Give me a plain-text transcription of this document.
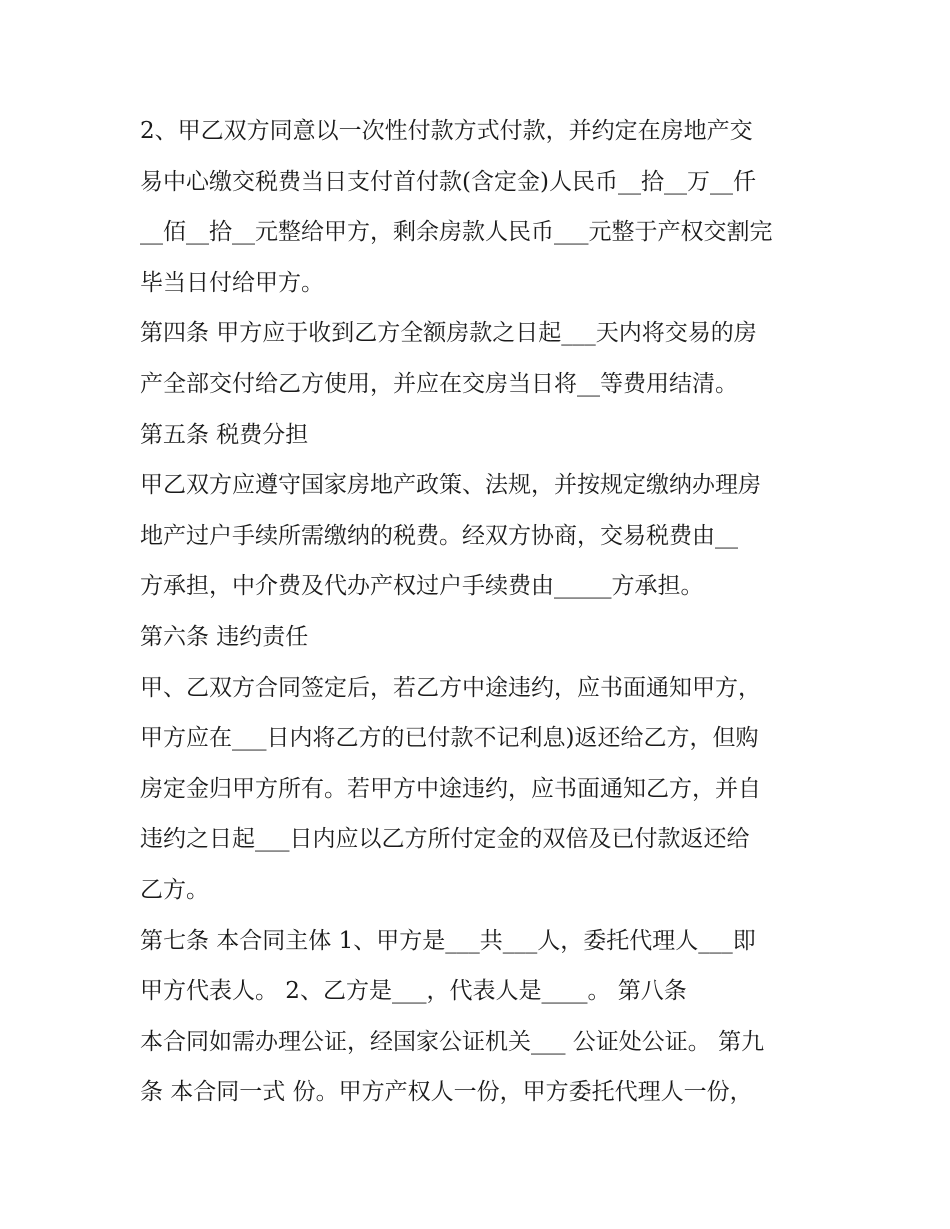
2、甲乙双方同意以一次性付款方式付款，并约定在房地产交
易中心缴交税费当日支付首付款(含定金)人民币__拾__万__仟
__佰__拾__元整给甲方，剩余房款人民币___元整于产权交割完
毕当日付给甲方。
第四条 甲方应于收到乙方全额房款之日起___天内将交易的房
产全部交付给乙方使用，并应在交房当日将__等费用结清。
第五条 税费分担
甲乙双方应遵守国家房地产政策、法规，并按规定缴纳办理房
地产过户手续所需缴纳的税费。经双方协商，交易税费由__
方承担，中介费及代办产权过户手续费由_____方承担。
第六条 违约责任
甲、乙双方合同签定后，若乙方中途违约，应书面通知甲方，
甲方应在___日内将乙方的已付款不记利息)返还给乙方，但购
房定金归甲方所有。若甲方中途违约，应书面通知乙方，并自
违约之日起___日内应以乙方所付定金的双倍及已付款返还给
乙方。
第七条 本合同主体 1、甲方是___共___人，委托代理人___即
甲方代表人。 2、乙方是___，代表人是____。 第八条
本合同如需办理公证，经国家公证机关___ 公证处公证。 第九
条 本合同一式 份。甲方产权人一份，甲方委托代理人一份，
